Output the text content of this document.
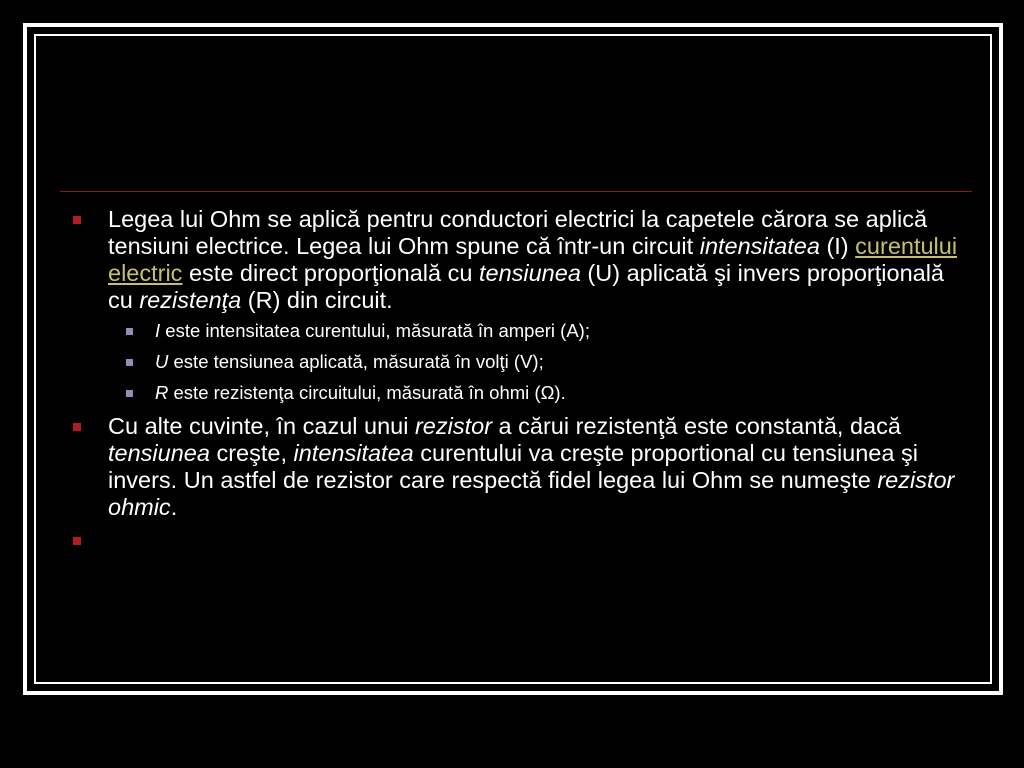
Legea lui Ohm se aplică pentru conductori electrici la capetele cărora se aplică tensiuni electrice. Legea lui Ohm spune că într-un circuit intensitatea (I) curentului electric este direct proporţională cu tensiunea (U) aplicată şi invers proporţională cu rezistenţa (R) din circuit.
I este intensitatea curentului, măsurată în amperi (A);
U este tensiunea aplicată, măsurată în volţi (V);
R este rezistenţa circuitului, măsurată în ohmi (Ω).
Cu alte cuvinte, în cazul unui rezistor a cărui rezistenţă este constantă, dacă tensiunea creşte, intensitatea curentului va creşte proportional cu tensiunea şi invers. Un astfel de rezistor care respectă fidel legea lui Ohm se numeşte rezistor ohmic.
